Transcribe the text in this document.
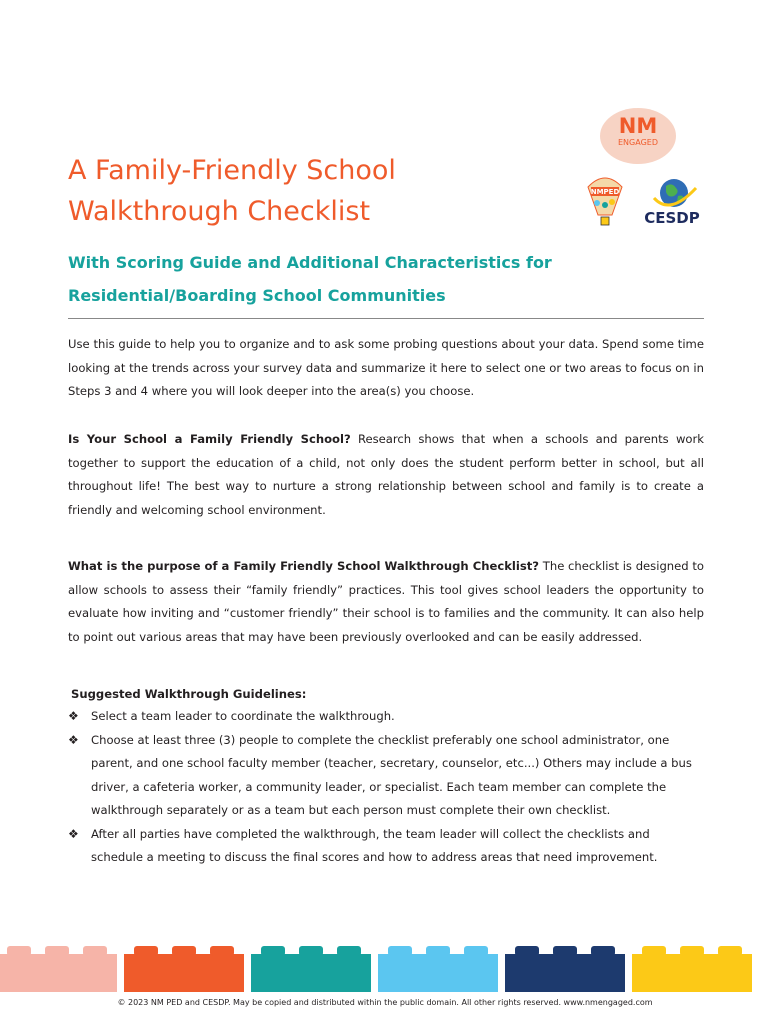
NM
ENGAGED
NMPED
CESDP
A Family-Friendly School
Walkthrough Checklist
With Scoring Guide and Additional Characteristics for
Residential/Boarding School Communities

Use this guide to help you to organize and to ask some probing questions about your data. Spend some time looking at the trends across your survey data and summarize it here to select one or two areas to focus on in Steps 3 and 4 where you will look deeper into the area(s) you choose.

Is Your School a Family Friendly School? Research shows that when a schools and parents work together to support the education of a child, not only does the student perform better in school, but all throughout life! The best way to nurture a strong relationship between school and family is to create a friendly and welcoming school environment.

What is the purpose of a Family Friendly School Walkthrough Checklist? The checklist is designed to allow schools to assess their “family friendly” practices. This tool gives school leaders the opportunity to evaluate how inviting and “customer friendly” their school is to families and the community. It can also help to point out various areas that may have been previously overlooked and can be easily addressed.

Suggested Walkthrough Guidelines:

❖ Select a team leader to coordinate the walkthrough.
❖ Choose at least three (3) people to complete the checklist preferably one school administrator, one parent, and one school faculty member (teacher, secretary, counselor, etc...) Others may include a bus driver, a cafeteria worker, a community leader, or specialist. Each team member can complete the walkthrough separately or as a team but each person must complete their own checklist.
❖ After all parties have completed the walkthrough, the team leader will collect the checklists and schedule a meeting to discuss the final scores and how to address areas that need improvement.
© 2023 NM PED and CESDP. May be copied and distributed within the public domain. All other rights reserved. www.nmengaged.com
